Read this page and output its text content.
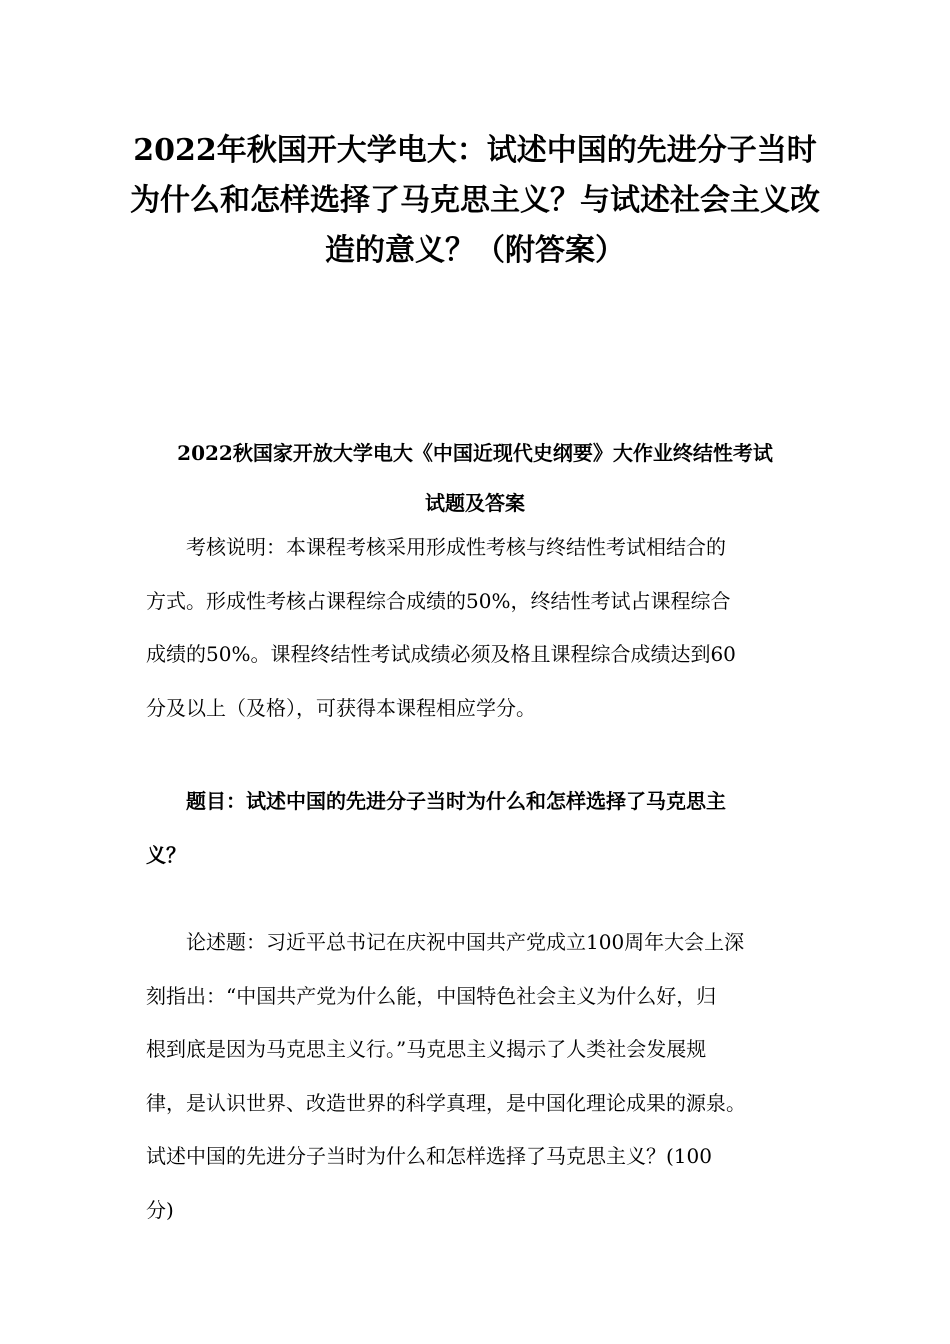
2022年秋国开大学电大：试述中国的先进分子当时
为什么和怎样选择了马克思主义？与试述社会主义改
造的意义？（附答案）
2022秋国家开放大学电大《中国近现代史纲要》大作业终结性考试
试题及答案
考核说明：本课程考核采用形成性考核与终结性考试相结合的
方式。形成性考核占课程综合成绩的50%，终结性考试占课程综合
成绩的50%。课程终结性考试成绩必须及格且课程综合成绩达到60
分及以上（及格），可获得本课程相应学分。
题目：试述中国的先进分子当时为什么和怎样选择了马克思主
义？
论述题：习近平总书记在庆祝中国共产党成立100周年大会上深
刻指出：“中国共产党为什么能，中国特色社会主义为什么好，归
根到底是因为马克思主义行。”马克思主义揭示了人类社会发展规
律，是认识世界、改造世界的科学真理，是中国化理论成果的源泉。
试述中国的先进分子当时为什么和怎样选择了马克思主义？(100
分)
